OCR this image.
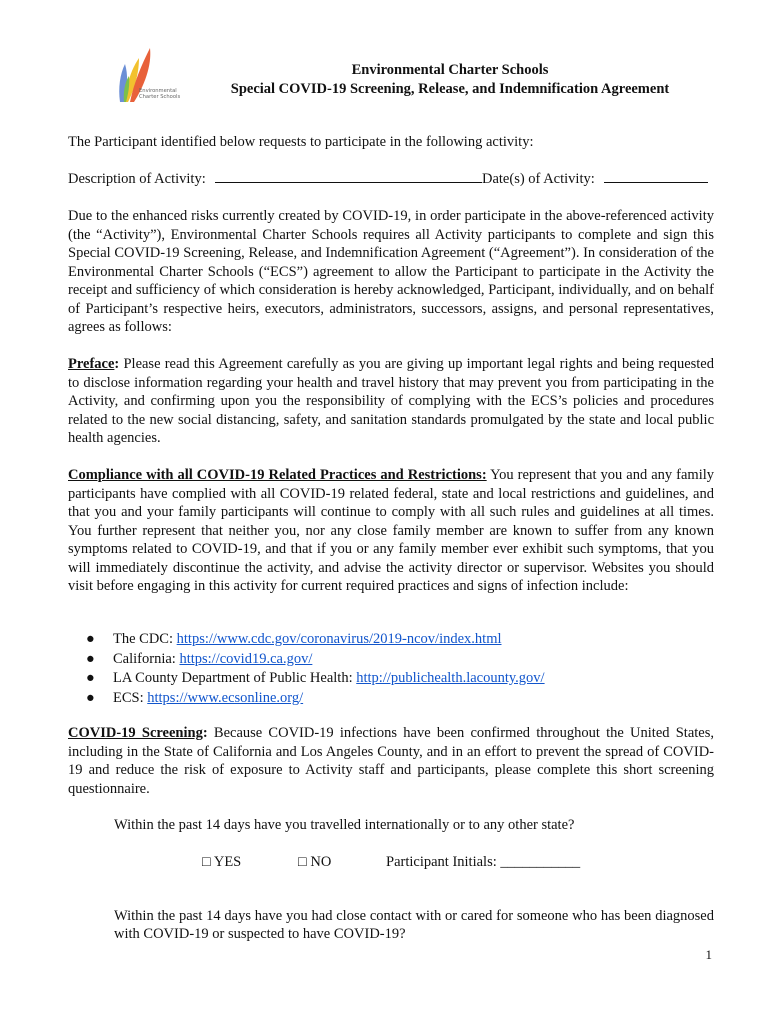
Environmental
Charter Schools
Environmental Charter Schools
Special COVID-19 Screening, Release, and Indemnification Agreement
The Participant identified below requests to participate in the following activity:
Description of Activity:	Date(s) of Activity:
Due to the enhanced risks currently created by COVID-19, in order participate in the above-referenced activity (the “Activity”), Environmental Charter Schools requires all Activity participants to complete and sign this Special COVID-19 Screening, Release, and Indemnification Agreement (“Agreement”). In consideration of the Environmental Charter Schools (“ECS”) agreement to allow the Participant to participate in the Activity the receipt and sufficiency of which consideration is hereby acknowledged, Participant, individually, and on behalf of Participant’s respective heirs, executors, administrators, successors, assigns, and personal representatives, agrees as follows:
Preface: Please read this Agreement carefully as you are giving up important legal rights and being requested to disclose information regarding your health and travel history that may prevent you from participating in the Activity, and confirming upon you the responsibility of complying with the ECS’s policies and procedures related to the new social distancing, safety, and sanitation standards promulgated by the state and local public health agencies.
Compliance with all COVID-19 Related Practices and Restrictions: You represent that you and any family participants have complied with all COVID-19 related federal, state and local restrictions and guidelines, and that you and your family participants will continue to comply with all such rules and guidelines at all times. You further represent that neither you, nor any close family member are known to suffer from any known symptoms related to COVID-19, and that if you or any family member ever exhibit such symptoms, that you will immediately discontinue the activity, and advise the activity director or supervisor. Websites you should visit before engaging in this activity for current required practices and signs of infection include:
● The CDC: https://www.cdc.gov/coronavirus/2019-ncov/index.html
● California: https://covid19.ca.gov/
● LA County Department of Public Health: http://publichealth.lacounty.gov/
● ECS: https://www.ecsonline.org/
COVID-19 Screening: Because COVID-19 infections have been confirmed throughout the United States, including in the State of California and Los Angeles County, and in an effort to prevent the spread of COVID-19 and reduce the risk of exposure to Activity staff and participants, please complete this short screening questionnaire.
Within the past 14 days have you travelled internationally or to any other state?
□ YES	□ NO	Participant Initials: ___________
Within the past 14 days have you had close contact with or cared for someone who has been diagnosed with COVID-19 or suspected to have COVID-19?
1
